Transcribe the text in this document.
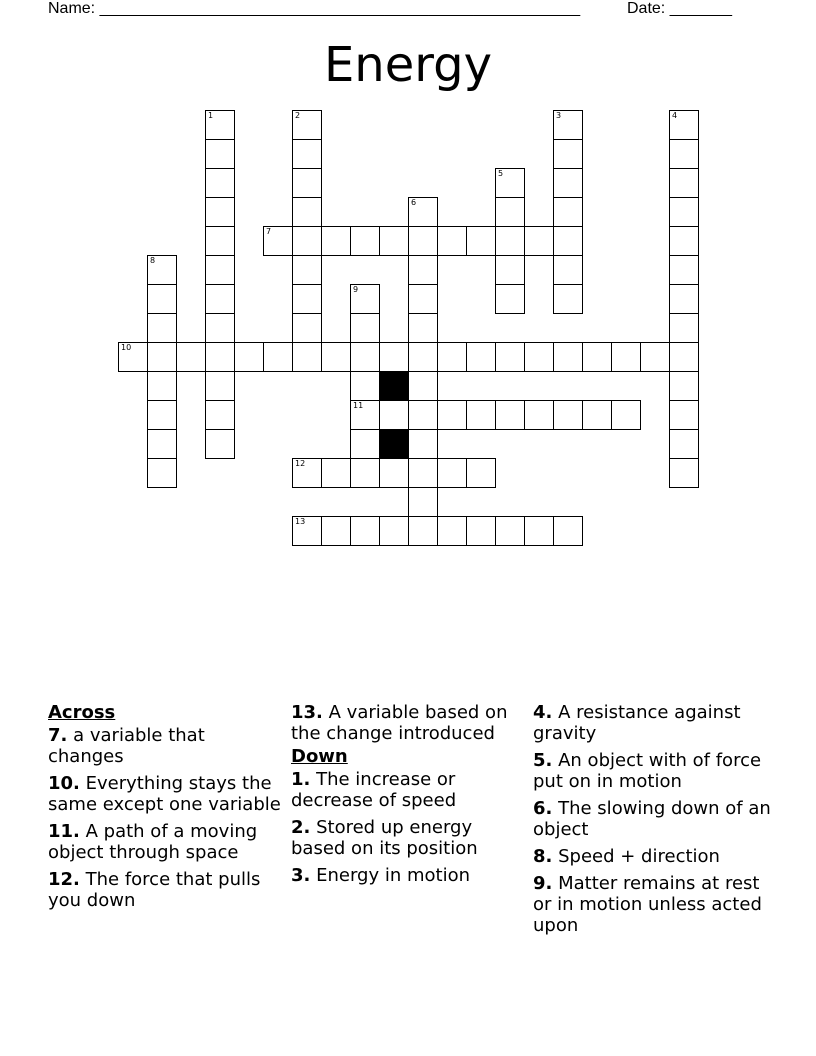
Name: ______________________________________________________	Date: _______
Energy
1	2	3	4
5
6
7
8
9
10
11
12
13
Across
7. a variable that changes
10. Everything stays the same except one variable
11. A path of a moving object through space
12. The force that pulls you down
13. A variable based on the change introduced
Down
1. The increase or decrease of speed
2. Stored up energy based on its position
3. Energy in motion
4. A resistance against gravity
5. An object with of force put on in motion
6. The slowing down of an object
8. Speed + direction
9. Matter remains at rest or in motion unless acted upon
